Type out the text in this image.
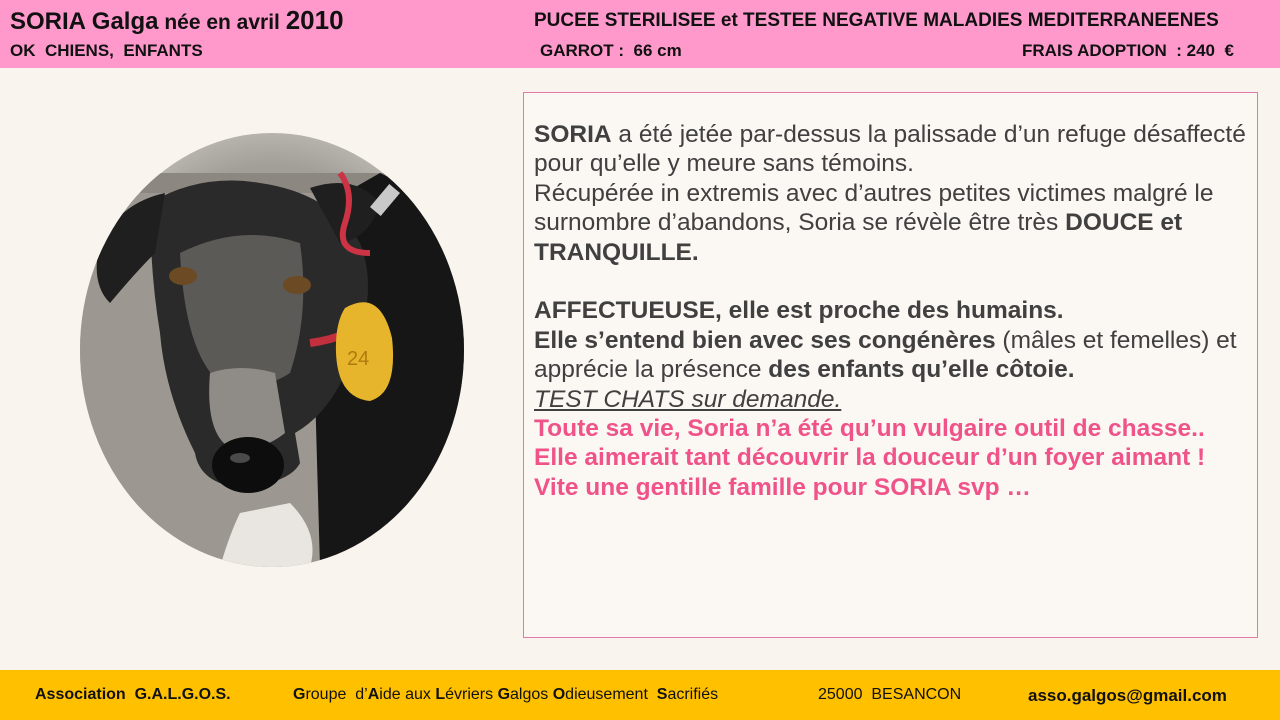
SORIA Galga née en avril 2010	PUCEE STERILISEE et TESTEE NEGATIVE MALADIES MEDITERRANEENES
OK  CHIENS,  ENFANTS	GARROT :  66 cm	FRAIS ADOPTION  : 240  €
24

SORIA a été jetée par-dessus la palissade d’un refuge désaffecté pour qu’elle y meure sans témoins.

Récupérée in extremis avec d’autres petites victimes malgré le surnombre d’abandons, Soria se révèle être très DOUCE et TRANQUILLE.

AFFECTUEUSE, elle est proche des humains.

Elle s’entend bien avec ses congénères (mâles et femelles) et apprécie la présence des enfants qu’elle côtoie.

TEST CHATS sur demande.

Toute sa vie, Soria n’a été qu’un vulgaire outil de chasse..

Elle aimerait tant découvrir la douceur d’un foyer aimant !

Vite une gentille famille pour SORIA svp …

Association  G.A.L.G.O.S.	Groupe  d’Aide aux Lévriers Galgos Odieusement  Sacrifiés	25000  BESANCON	asso.galgos@gmail.com
